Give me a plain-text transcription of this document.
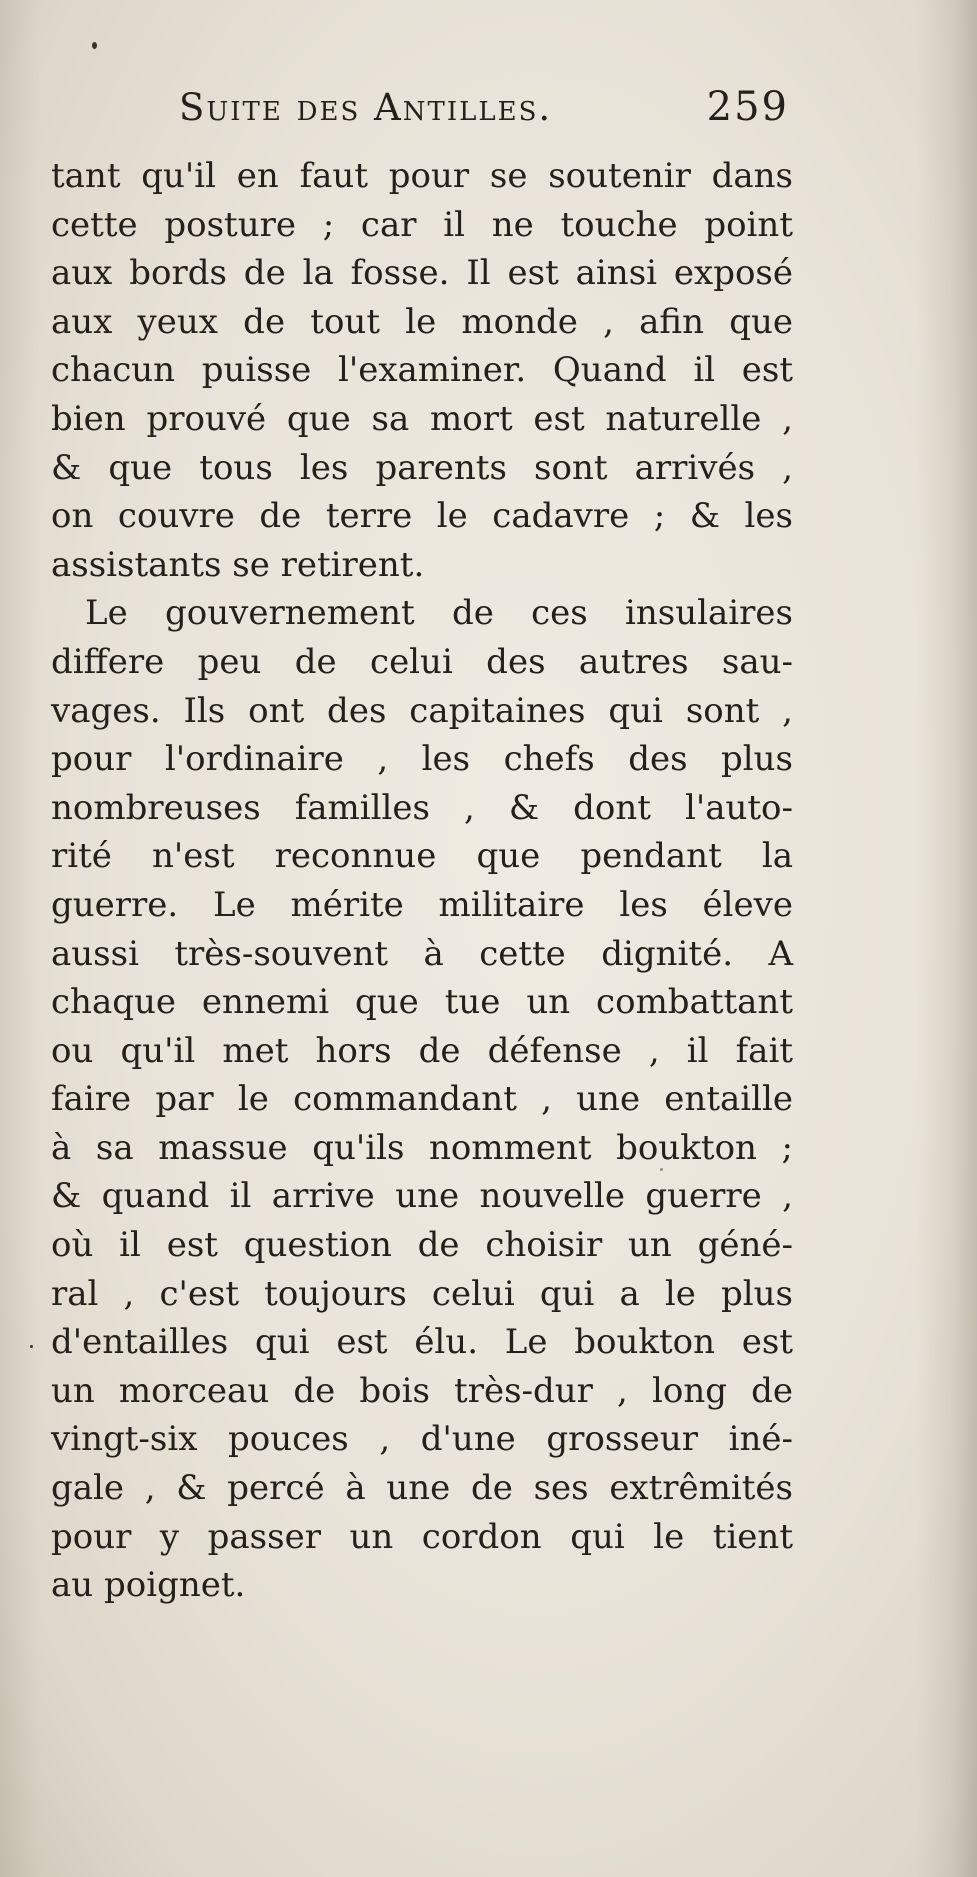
Suite des Antilles.	259
tant qu'il en faut pour se soutenir dans
cette posture ; car il ne touche point
aux bords de la fosse. Il est ainsi exposé
aux yeux de tout le monde , afin que
chacun puisse l'examiner. Quand il est
bien prouvé que sa mort est naturelle ,
& que tous les parents sont arrivés ,
on couvre de terre le cadavre ; & les
assistants se retirent.
Le gouvernement de ces insulaires
differe peu de celui des autres sau-
vages. Ils ont des capitaines qui sont ,
pour l'ordinaire , les chefs des plus
nombreuses familles , & dont l'auto-
rité n'est reconnue que pendant la
guerre. Le mérite militaire les éleve
aussi très-souvent à cette dignité. A
chaque ennemi que tue un combattant
ou qu'il met hors de défense , il fait
faire par le commandant , une entaille
à sa massue qu'ils nomment boukton ;
& quand il arrive une nouvelle guerre ,
où il est question de choisir un géné-
ral , c'est toujours celui qui a le plus
d'entailles qui est élu. Le boukton est
un morceau de bois très-dur , long de
vingt-six pouces , d'une grosseur iné-
gale , & percé à une de ses extrêmités
pour y passer un cordon qui le tient
au poignet.
